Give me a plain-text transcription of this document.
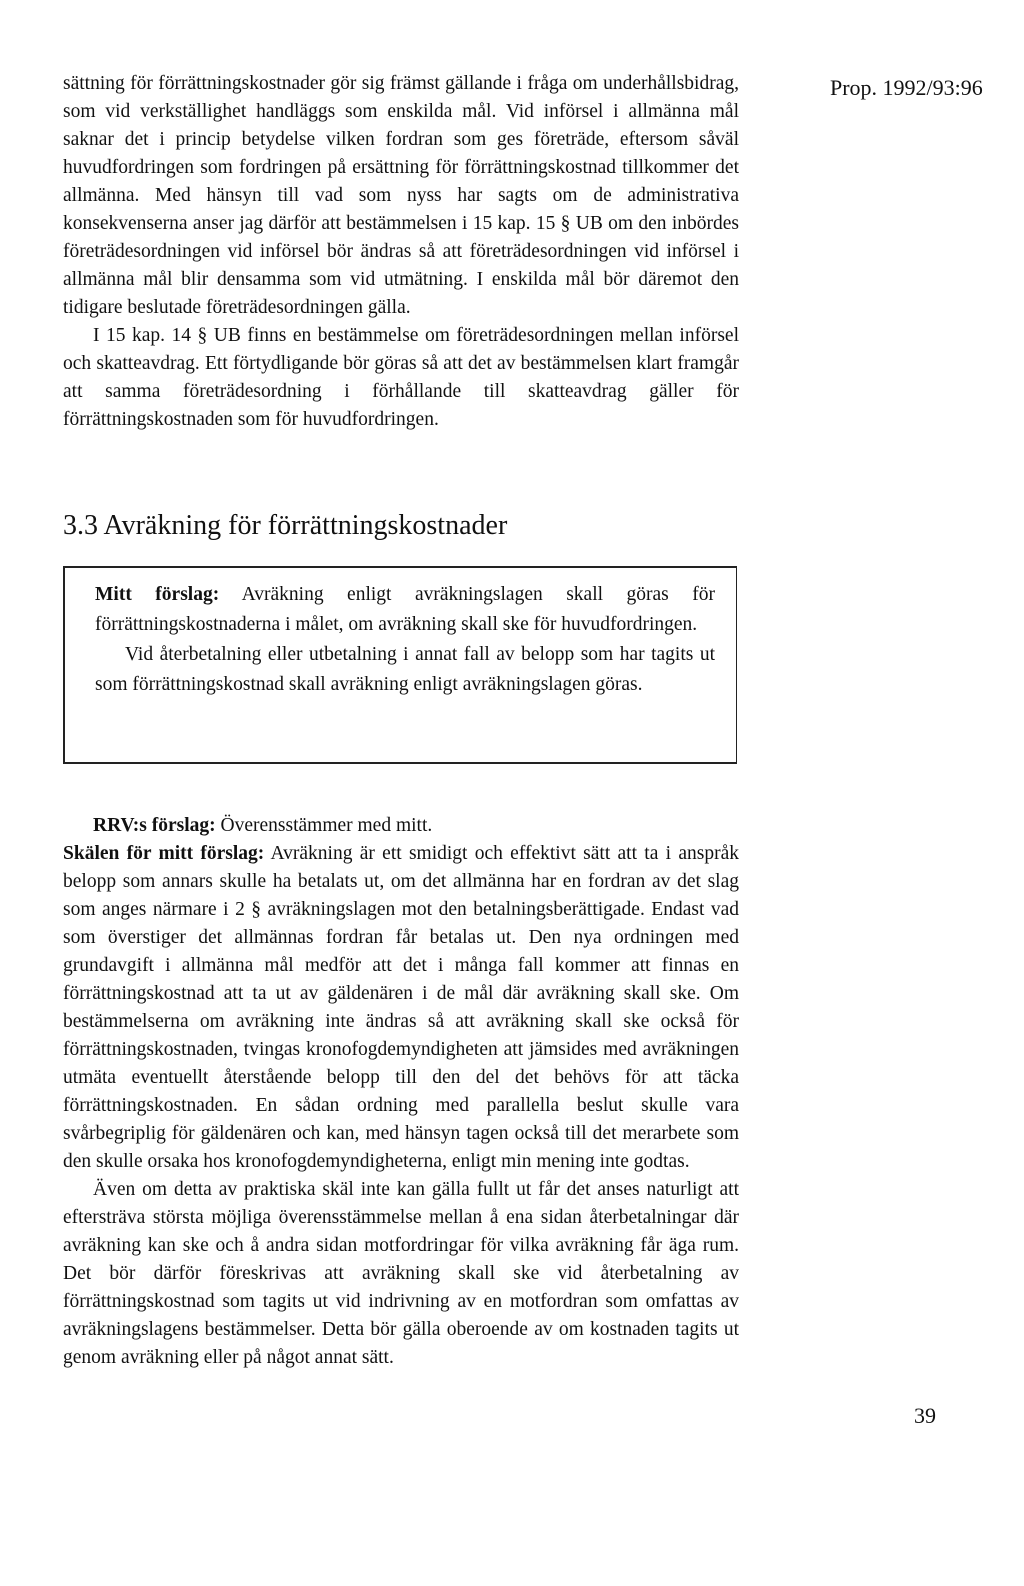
Prop. 1992/93:96

sättning för förrättningskostnader gör sig främst gällande i fråga om underhållsbidrag, som vid verkställighet handläggs som enskilda mål. Vid införsel i allmänna mål saknar det i princip betydelse vilken fordran som ges företräde, eftersom såväl huvudfordringen som fordringen på ersättning för förrättningskostnad tillkommer det allmänna. Med hänsyn till vad som nyss har sagts om de administrativa konsekvenserna anser jag därför att bestämmelsen i 15 kap. 15 § UB om den inbördes företrädesordningen vid införsel bör ändras så att företrädesordningen vid införsel i allmänna mål blir densamma som vid utmätning. I enskilda mål bör däremot den tidigare beslutade företrädesordningen gälla.

I 15 kap. 14 § UB finns en bestämmelse om företrädesordningen mellan införsel och skatteavdrag. Ett förtydligande bör göras så att det av bestämmelsen klart framgår att samma företrädesordning i förhållande till skatteavdrag gäller för förrättningskostnaden som för huvudfordringen.

3.3 Avräkning för förrättningskostnader

Mitt förslag: Avräkning enligt avräkningslagen skall göras för förrättningskostnaderna i målet, om avräkning skall ske för huvudfordringen.

Vid återbetalning eller utbetalning i annat fall av belopp som har tagits ut som förrättningskostnad skall avräkning enligt avräkningslagen göras.

RRV:s förslag: Överensstämmer med mitt.

Skälen för mitt förslag: Avräkning är ett smidigt och effektivt sätt att ta i anspråk belopp som annars skulle ha betalats ut, om det allmänna har en fordran av det slag som anges närmare i 2 § avräkningslagen mot den betalningsberättigade. Endast vad som överstiger det allmännas fordran får betalas ut. Den nya ordningen med grundavgift i allmänna mål medför att det i många fall kommer att finnas en förrättningskostnad att ta ut av gäldenären i de mål där avräkning skall ske. Om bestämmelserna om avräkning inte ändras så att avräkning skall ske också för förrättningskostnaden, tvingas kronofogdemyndigheten att jämsides med avräkningen utmäta eventuellt återstående belopp till den del det behövs för att täcka förrättningskostnaden. En sådan ordning med parallella beslut skulle vara svårbegriplig för gäldenären och kan, med hänsyn tagen också till det merarbete som den skulle orsaka hos kronofogdemyndigheterna, enligt min mening inte godtas.

Även om detta av praktiska skäl inte kan gälla fullt ut får det anses naturligt att eftersträva största möjliga överensstämmelse mellan å ena sidan återbetalningar där avräkning kan ske och å andra sidan motfordringar för vilka avräkning får äga rum. Det bör därför föreskrivas att avräkning skall ske vid återbetalning av förrättningskostnad som tagits ut vid indrivning av en motfordran som omfattas av avräkningslagens bestämmelser. Detta bör gälla oberoende av om kostnaden tagits ut genom avräkning eller på något annat sätt.

39
